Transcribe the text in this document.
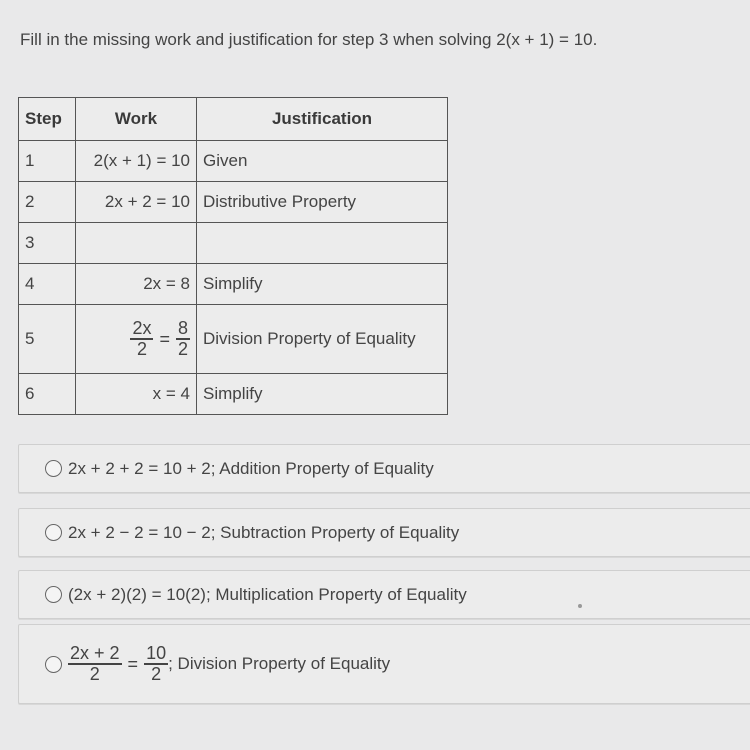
Fill in the missing work and justification for step 3 when solving 2(x + 1) = 10.
Step	Work	Justification
1	2(x + 1) = 10	Given
2	2x + 2 = 10	Distributive Property
3		
4	2x = 8	Simplify
5	$\frac{2x}{2} = \frac{8}{2}$	Division Property of Equality
6	x = 4	Simplify
2x + 2 + 2 = 10 + 2; Addition Property of Equality
2x + 2 − 2 = 10 − 2; Subtraction Property of Equality
(2x + 2)(2) = 10(2); Multiplication Property of Equality
$\frac{2x + 2}{2} = \frac{10}{2}$ ; Division Property of Equality
